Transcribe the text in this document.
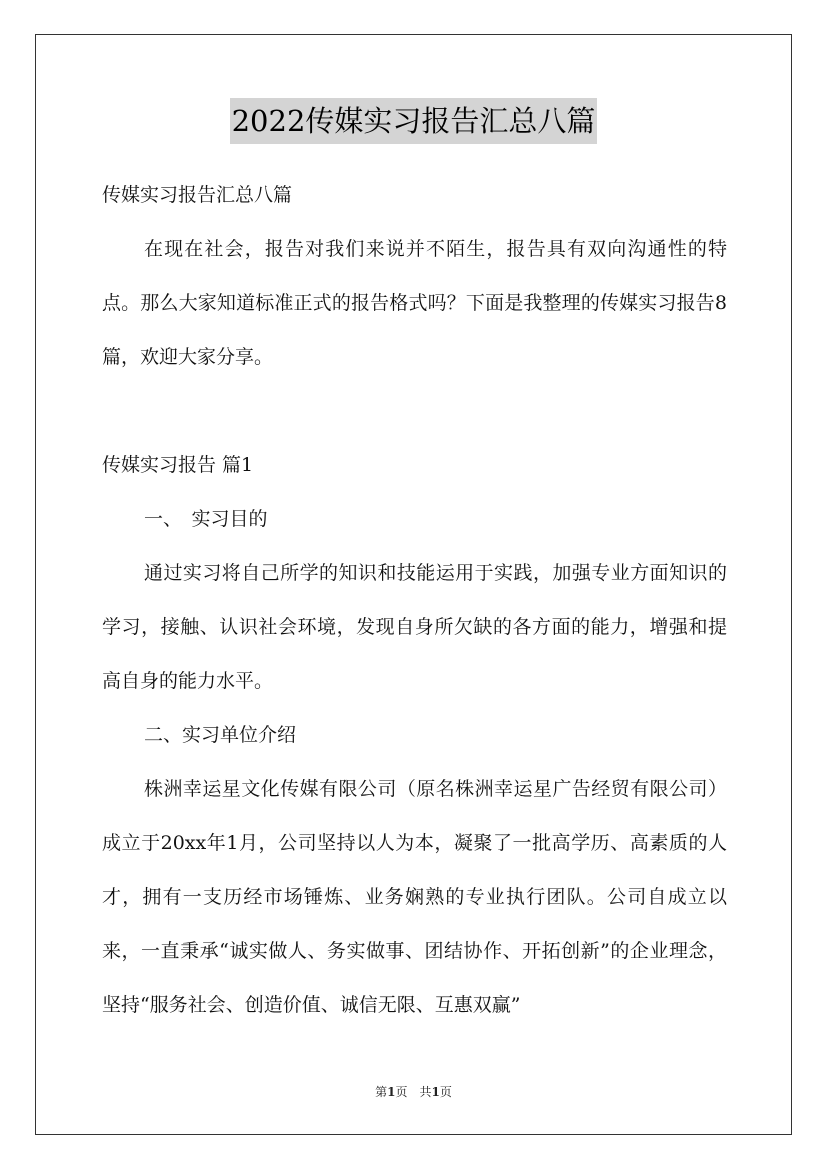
2022传媒实习报告汇总八篇

传媒实习报告汇总八篇

在现在社会，报告对我们来说并不陌生，报告具有双向沟通性的特点。那么大家知道标准正式的报告格式吗？下面是我整理的传媒实习报告8篇，欢迎大家分享。

传媒实习报告 篇1

一、　实习目的

通过实习将自己所学的知识和技能运用于实践，加强专业方面知识的学习，接触、认识社会环境，发现自身所欠缺的各方面的能力，增强和提高自身的能力水平。

二、实习单位介绍

株洲幸运星文化传媒有限公司（原名株洲幸运星广告经贸有限公司）成立于20xx年1月，公司坚持以人为本，凝聚了一批高学历、高素质的人才，拥有一支历经市场锤炼、业务娴熟的专业执行团队。公司自成立以来，一直秉承“诚实做人、务实做事、团结协作、开拓创新”的企业理念，坚持“服务社会、创造价值、诚信无限、互惠双赢”

第1页　共1页
